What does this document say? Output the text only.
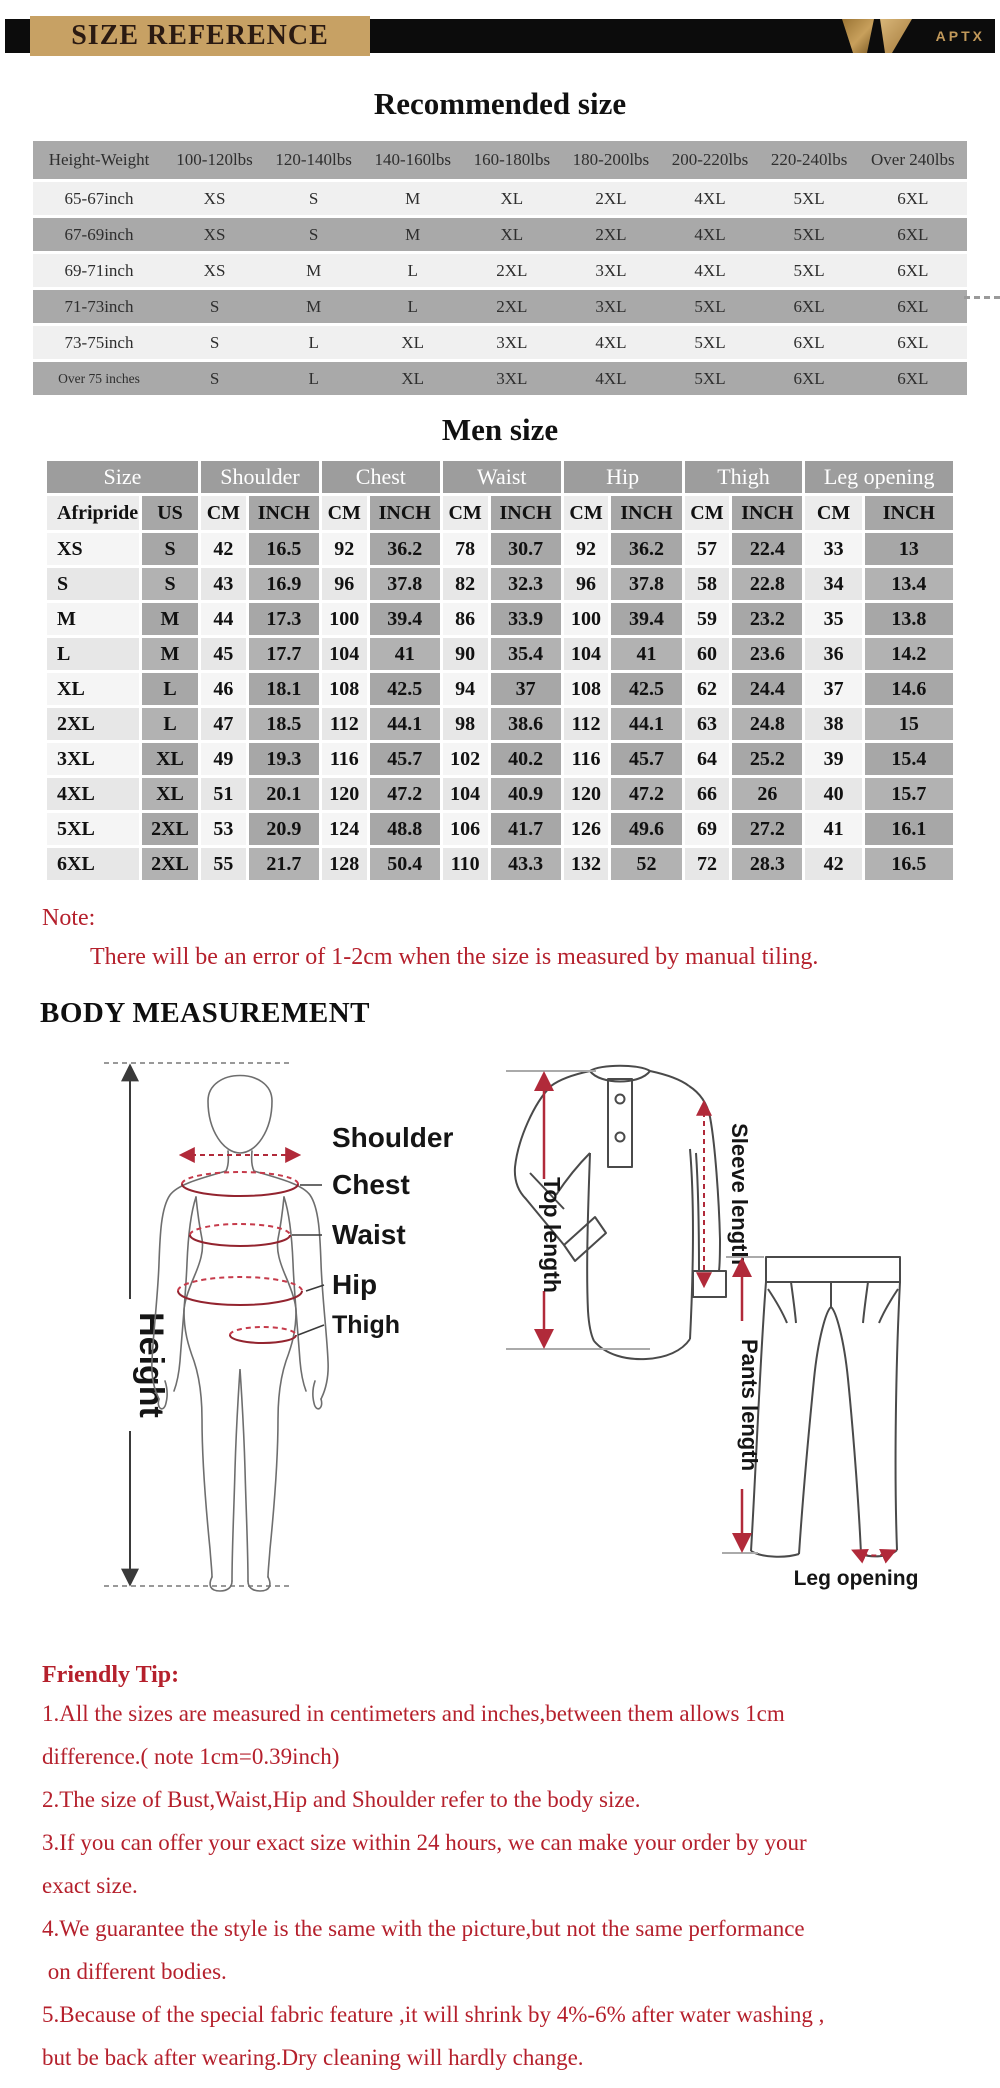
SIZE REFERENCE	APTX
Recommended size
Height-Weight	100-120lbs	120-140lbs	140-160lbs	160-180lbs	180-200lbs	200-220lbs	220-240lbs	Over 240lbs
65-67inch	XS	S	M	XL	2XL	4XL	5XL	6XL
67-69inch	XS	S	M	XL	2XL	4XL	5XL	6XL
69-71inch	XS	M	L	2XL	3XL	4XL	5XL	6XL
71-73inch	S	M	L	2XL	3XL	5XL	6XL	6XL
73-75inch	S	L	XL	3XL	4XL	5XL	6XL	6XL
Over 75 inches	S	L	XL	3XL	4XL	5XL	6XL	6XL
Men size
Size		Shoulder		Chest		Waist		Hip		Thigh		Leg opening	
Afripride	US	CM	INCH	CM	INCH	CM	INCH	CM	INCH	CM	INCH	CM	INCH
XS	S	42	16.5	92	36.2	78	30.7	92	36.2	57	22.4	33	13
S	S	43	16.9	96	37.8	82	32.3	96	37.8	58	22.8	34	13.4
M	M	44	17.3	100	39.4	86	33.9	100	39.4	59	23.2	35	13.8
L	M	45	17.7	104	41	90	35.4	104	41	60	23.6	36	14.2
XL	L	46	18.1	108	42.5	94	37	108	42.5	62	24.4	37	14.6
2XL	L	47	18.5	112	44.1	98	38.6	112	44.1	63	24.8	38	15
3XL	XL	49	19.3	116	45.7	102	40.2	116	45.7	64	25.2	39	15.4
4XL	XL	51	20.1	120	47.2	104	40.9	120	47.2	66	26	40	15.7
5XL	2XL	53	20.9	124	48.8	106	41.7	126	49.6	69	27.2	41	16.1
6XL	2XL	55	21.7	128	50.4	110	43.3	132	52	72	28.3	42	16.5
Note:
There will be an error of 1-2cm when the size is measured by manual tiling.
BODY MEASUREMENT
Height
Shoulder
Chest
Waist
Hip
Thigh
Top length	Sleeve length
Pants length
Leg opening
Friendly Tip:
1.All the sizes are measured in centimeters and inches,between them allows 1cm
difference.( note 1cm=0.39inch)
2.The size of Bust,Waist,Hip and Shoulder refer to the body size.
3.If you can offer your exact size within 24 hours, we can make your order by your
exact size.
4.We guarantee the style is the same with the picture,but not the same performance
on different bodies.
5.Because of the special fabric feature ,it will shrink by 4%-6% after water washing ,
but be back after wearing.Dry cleaning will hardly change.
